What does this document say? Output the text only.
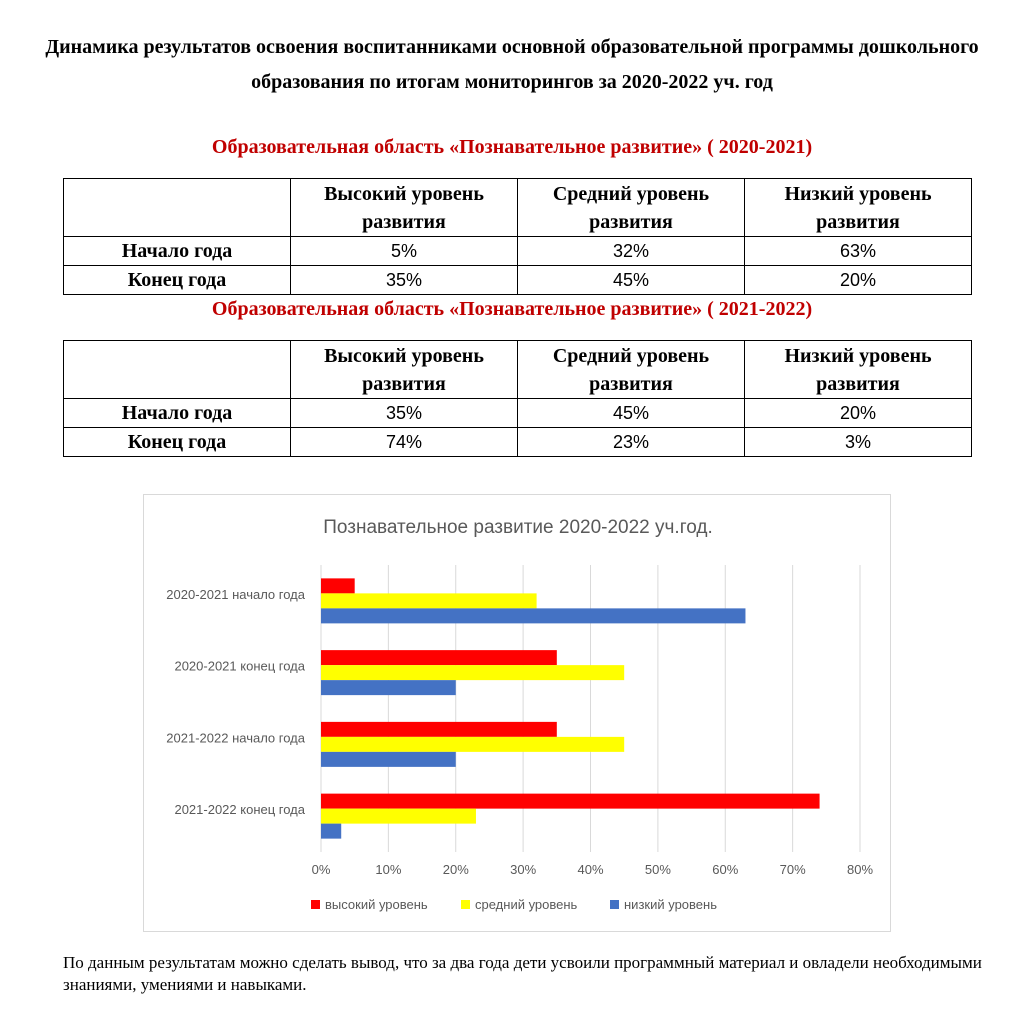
Динамика результатов освоения воспитанниками основной образовательной программы дошкольного образования по итогам мониторингов за 2020-2022 уч. год
Образовательная область «Познавательное развитие» ( 2020-2021)
	Высокий уровень развития	Средний уровень развития	Низкий уровень развития
Начало года	5%	32%	63%
Конец года	35%	45%	20%
Образовательная область «Познавательное развитие» ( 2021-2022)
	Высокий уровень развития	Средний уровень развития	Низкий уровень развития
Начало года	35%	45%	20%
Конец года	74%	23%	3%
Познавательное развитие 2020-2022 уч.год.
0%	10%	20%	30%	40%	50%	60%	70%	80%
2020-2021 начало года
2020-2021 конец года
2021-2022 начало года
2021-2022 конец года
высокий уровень	средний уровень	низкий уровень
По данным результатам можно сделать вывод, что за два года дети усвоили программный материал и овладели необходимыми знаниями, умениями и навыками.
